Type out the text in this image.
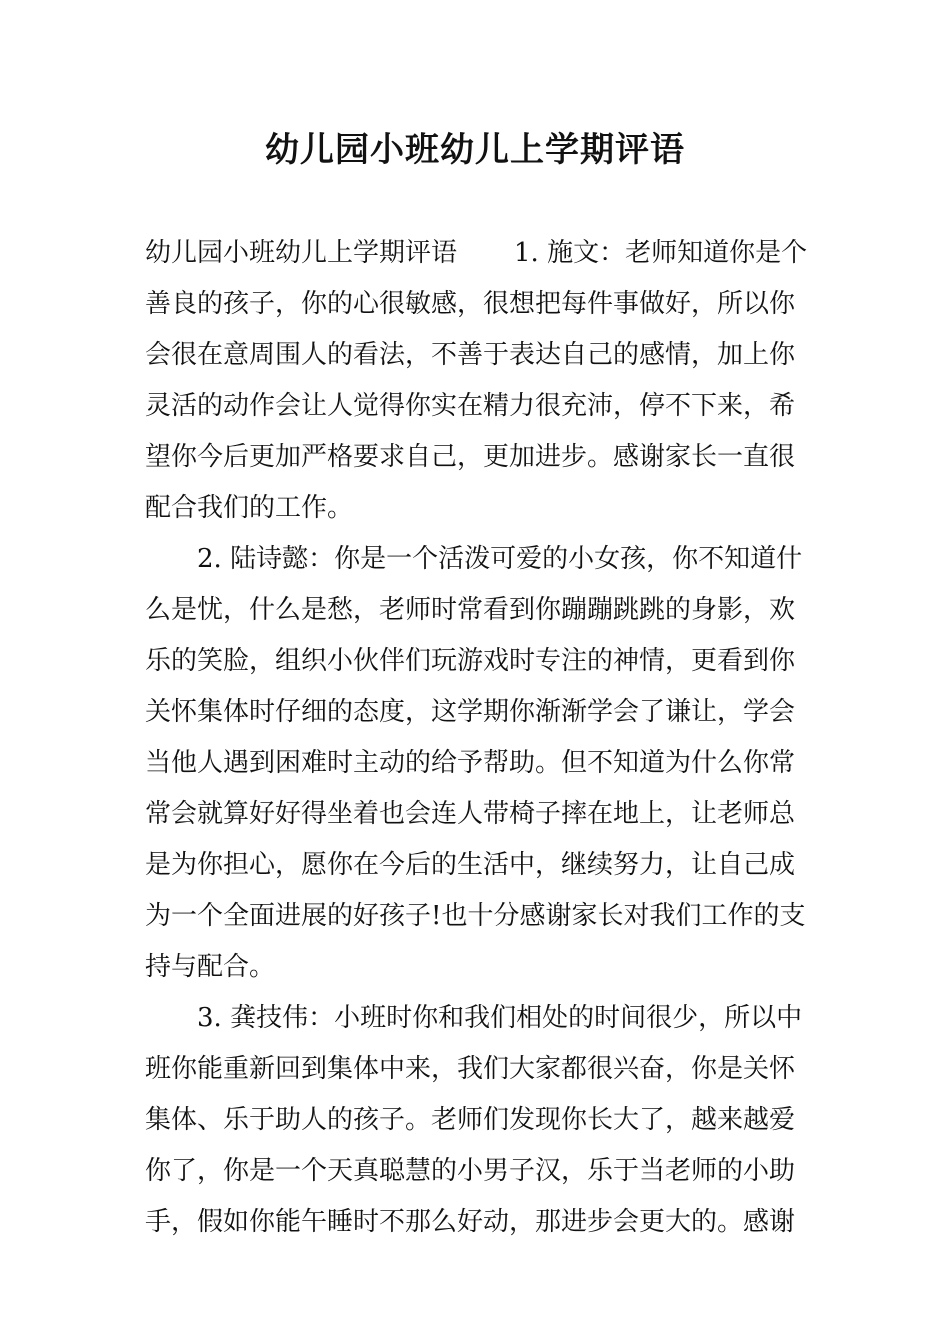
幼儿园小班幼儿上学期评语
幼儿园小班幼儿上学期评语 1. 施文：老师知道你是个
善良的孩子，你的心很敏感，很想把每件事做好，所以你
会很在意周围人的看法，不善于表达自己的感情，加上你
灵活的动作会让人觉得你实在精力很充沛，停不下来，希
望你今后更加严格要求自己，更加进步。感谢家长一直很
配合我们的工作。
　　2. 陆诗懿：你是一个活泼可爱的小女孩，你不知道什
么是忧，什么是愁，老师时常看到你蹦蹦跳跳的身影，欢
乐的笑脸，组织小伙伴们玩游戏时专注的神情，更看到你
关怀集体时仔细的态度，这学期你渐渐学会了谦让，学会
当他人遇到困难时主动的给予帮助。但不知道为什么你常
常会就算好好得坐着也会连人带椅子摔在地上，让老师总
是为你担心，愿你在今后的生活中，继续努力，让自己成
为一个全面进展的好孩子!也十分感谢家长对我们工作的支
持与配合。
　　3. 龚技伟：小班时你和我们相处的时间很少，所以中
班你能重新回到集体中来，我们大家都很兴奋，你是关怀
集体、乐于助人的孩子。老师们发现你长大了，越来越爱
你了，你是一个天真聪慧的小男子汉，乐于当老师的小助
手，假如你能午睡时不那么好动，那进步会更大的。感谢
